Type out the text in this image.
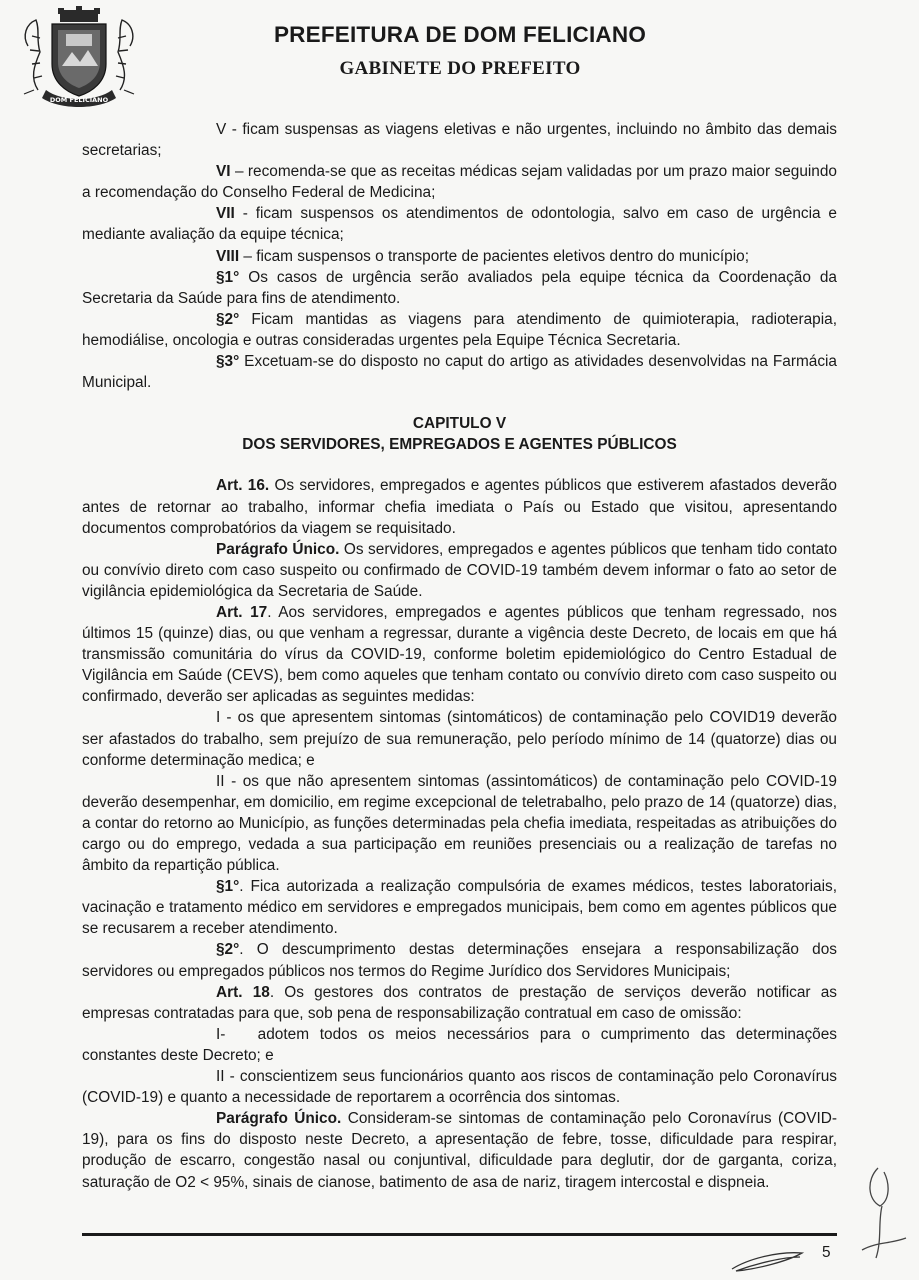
DOM FELICIANO
PREFEITURA DE DOM FELICIANO
GABINETE DO PREFEITO

V - ficam suspensas as viagens eletivas e não urgentes, incluindo no âmbito das demais secretarias;

VI – recomenda-se que as receitas médicas sejam validadas por um prazo maior seguindo a recomendação do Conselho Federal de Medicina;

VII - ficam suspensos os atendimentos de odontologia, salvo em caso de urgência e mediante avaliação da equipe técnica;

VIII – ficam suspensos o transporte de pacientes eletivos dentro do município;

§1° Os casos de urgência serão avaliados pela equipe técnica da Coordenação da Secretaria da Saúde para fins de atendimento.

§2° Ficam mantidas as viagens para atendimento de quimioterapia, radioterapia, hemodiálise, oncologia e outras consideradas urgentes pela Equipe Técnica Secretaria.

§3° Excetuam-se do disposto no caput do artigo as atividades desenvolvidas na Farmácia Municipal.

CAPITULO V

DOS SERVIDORES, EMPREGADOS E AGENTES PÚBLICOS

Art. 16. Os servidores, empregados e agentes públicos que estiverem afastados deverão antes de retornar ao trabalho, informar chefia imediata o País ou Estado que visitou, apresentando documentos comprobatórios da viagem se requisitado.

Parágrafo Único. Os servidores, empregados e agentes públicos que tenham tido contato ou convívio direto com caso suspeito ou confirmado de COVID-19 também devem informar o fato ao setor de vigilância epidemiológica da Secretaria de Saúde.

Art. 17. Aos servidores, empregados e agentes públicos que tenham regressado, nos últimos 15 (quinze) dias, ou que venham a regressar, durante a vigência deste Decreto, de locais em que há transmissão comunitária do vírus da COVID-19, conforme boletim epidemiológico do Centro Estadual de Vigilância em Saúde (CEVS), bem como aqueles que tenham contato ou convívio direto com caso suspeito ou confirmado, deverão ser aplicadas as seguintes medidas:

I - os que apresentem sintomas (sintomáticos) de contaminação pelo COVID19 deverão ser afastados do trabalho, sem prejuízo de sua remuneração, pelo período mínimo de 14 (quatorze) dias ou conforme determinação medica; e

II - os que não apresentem sintomas (assintomáticos) de contaminação pelo COVID-19 deverão desempenhar, em domicilio, em regime excepcional de teletrabalho, pelo prazo de 14 (quatorze) dias, a contar do retorno ao Município, as funções determinadas pela chefia imediata, respeitadas as atribuições do cargo ou do emprego, vedada a sua participação em reuniões presenciais ou a realização de tarefas no âmbito da repartição pública.

§1°. Fica autorizada a realização compulsória de exames médicos, testes laboratoriais, vacinação e tratamento médico em servidores e empregados municipais, bem como em agentes públicos que se recusarem a receber atendimento.

§2°. O descumprimento destas determinações ensejara a responsabilização dos servidores ou empregados públicos nos termos do Regime Jurídico dos Servidores Municipais;

Art. 18. Os gestores dos contratos de prestação de serviços deverão notificar as empresas contratadas para que, sob pena de responsabilização contratual em caso de omissão:

I-   adotem todos os meios necessários para o cumprimento das determinações constantes deste Decreto; e

II - conscientizem seus funcionários quanto aos riscos de contaminação pelo Coronavírus (COVID-19) e quanto a necessidade de reportarem a ocorrência dos sintomas.

Parágrafo Único. Consideram-se sintomas de contaminação pelo Coronavírus (COVID-19), para os fins do disposto neste Decreto, a apresentação de febre, tosse, dificuldade para respirar, produção de escarro, congestão nasal ou conjuntival, dificuldade para deglutir, dor de garganta, coriza, saturação de O2 < 95%, sinais de cianose, batimento de asa de nariz, tiragem intercostal e dispneia.

5
